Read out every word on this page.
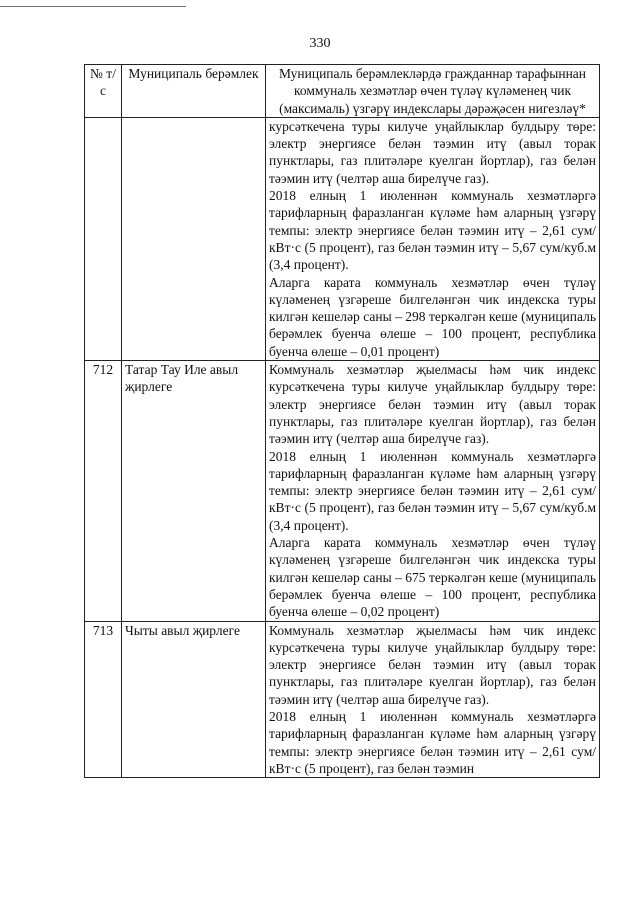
330
№ т/с	Муниципаль берәмлек	Муниципаль берәмлекләрдә гражданнар тарафыннан коммуналь хезмәтләр өчен түләү күләменең чик (максималь) үзгәрү индекслары дәрәҗәсен нигезләү*

		курсәткечена туры килуче уңайлыклар булдыру төре: электр энергиясе белән тәэмин итү (авыл торак пунктлары, газ плитәләре куелган йортлар), газ белән тәэмин итү (челтәр аша бирелүче газ).

2018 елның 1 июленнән коммуналь хезмәтләргә тарифларның фаразланган күләме һәм аларның үзгәрү темпы: электр энергиясе белән тәэмин итү – 2,61 сум/кВт·с (5 процент), газ белән тәэмин итү – 5,67 сум/куб.м (3,4 процент).

Аларга карата коммуналь хезмәтләр өчен түләү күләменең үзгәреше билгеләнгән чик индекска туры килгән кешеләр саны – 298 теркәлгән кеше (муниципаль берәмлек буенча өлеше – 100 процент, республика буенча өлеше – 0,01 процент)

712	Татар Тау Иле авыл җирлеге	Коммуналь хезмәтләр җыелмасы һәм чик индекс курсәткечена туры килуче уңайлыклар булдыру төре: электр энергиясе белән тәэмин итү (авыл торак пунктлары, газ плитәләре куелган йортлар), газ белән тәэмин итү (челтәр аша бирелүче газ).

2018 елның 1 июленнән коммуналь хезмәтләргә тарифларның фаразланган күләме һәм аларның үзгәрү темпы: электр энергиясе белән тәэмин итү – 2,61 сум/кВт·с (5 процент), газ белән тәэмин итү – 5,67 сум/куб.м (3,4 процент).

Аларга карата коммуналь хезмәтләр өчен түләү күләменең үзгәреше билгеләнгән чик индекска туры килгән кешеләр саны – 675 теркәлгән кеше (муниципаль берәмлек буенча өлеше – 100 процент, республика буенча өлеше – 0,02 процент)

713	Чыты авыл җирлеге	Коммуналь хезмәтләр җыелмасы һәм чик индекс курсәткечена туры килуче уңайлыклар булдыру төре: электр энергиясе белән тәэмин итү (авыл торак пунктлары, газ плитәләре куелган йортлар), газ белән тәэмин итү (челтәр аша бирелүче газ).

2018 елның 1 июленнән коммуналь хезмәтләргә тарифларның фаразланган күләме һәм аларның үзгәрү темпы: электр энергиясе белән тәэмин итү – 2,61 сум/кВт·с (5 процент), газ белән тәэмин
